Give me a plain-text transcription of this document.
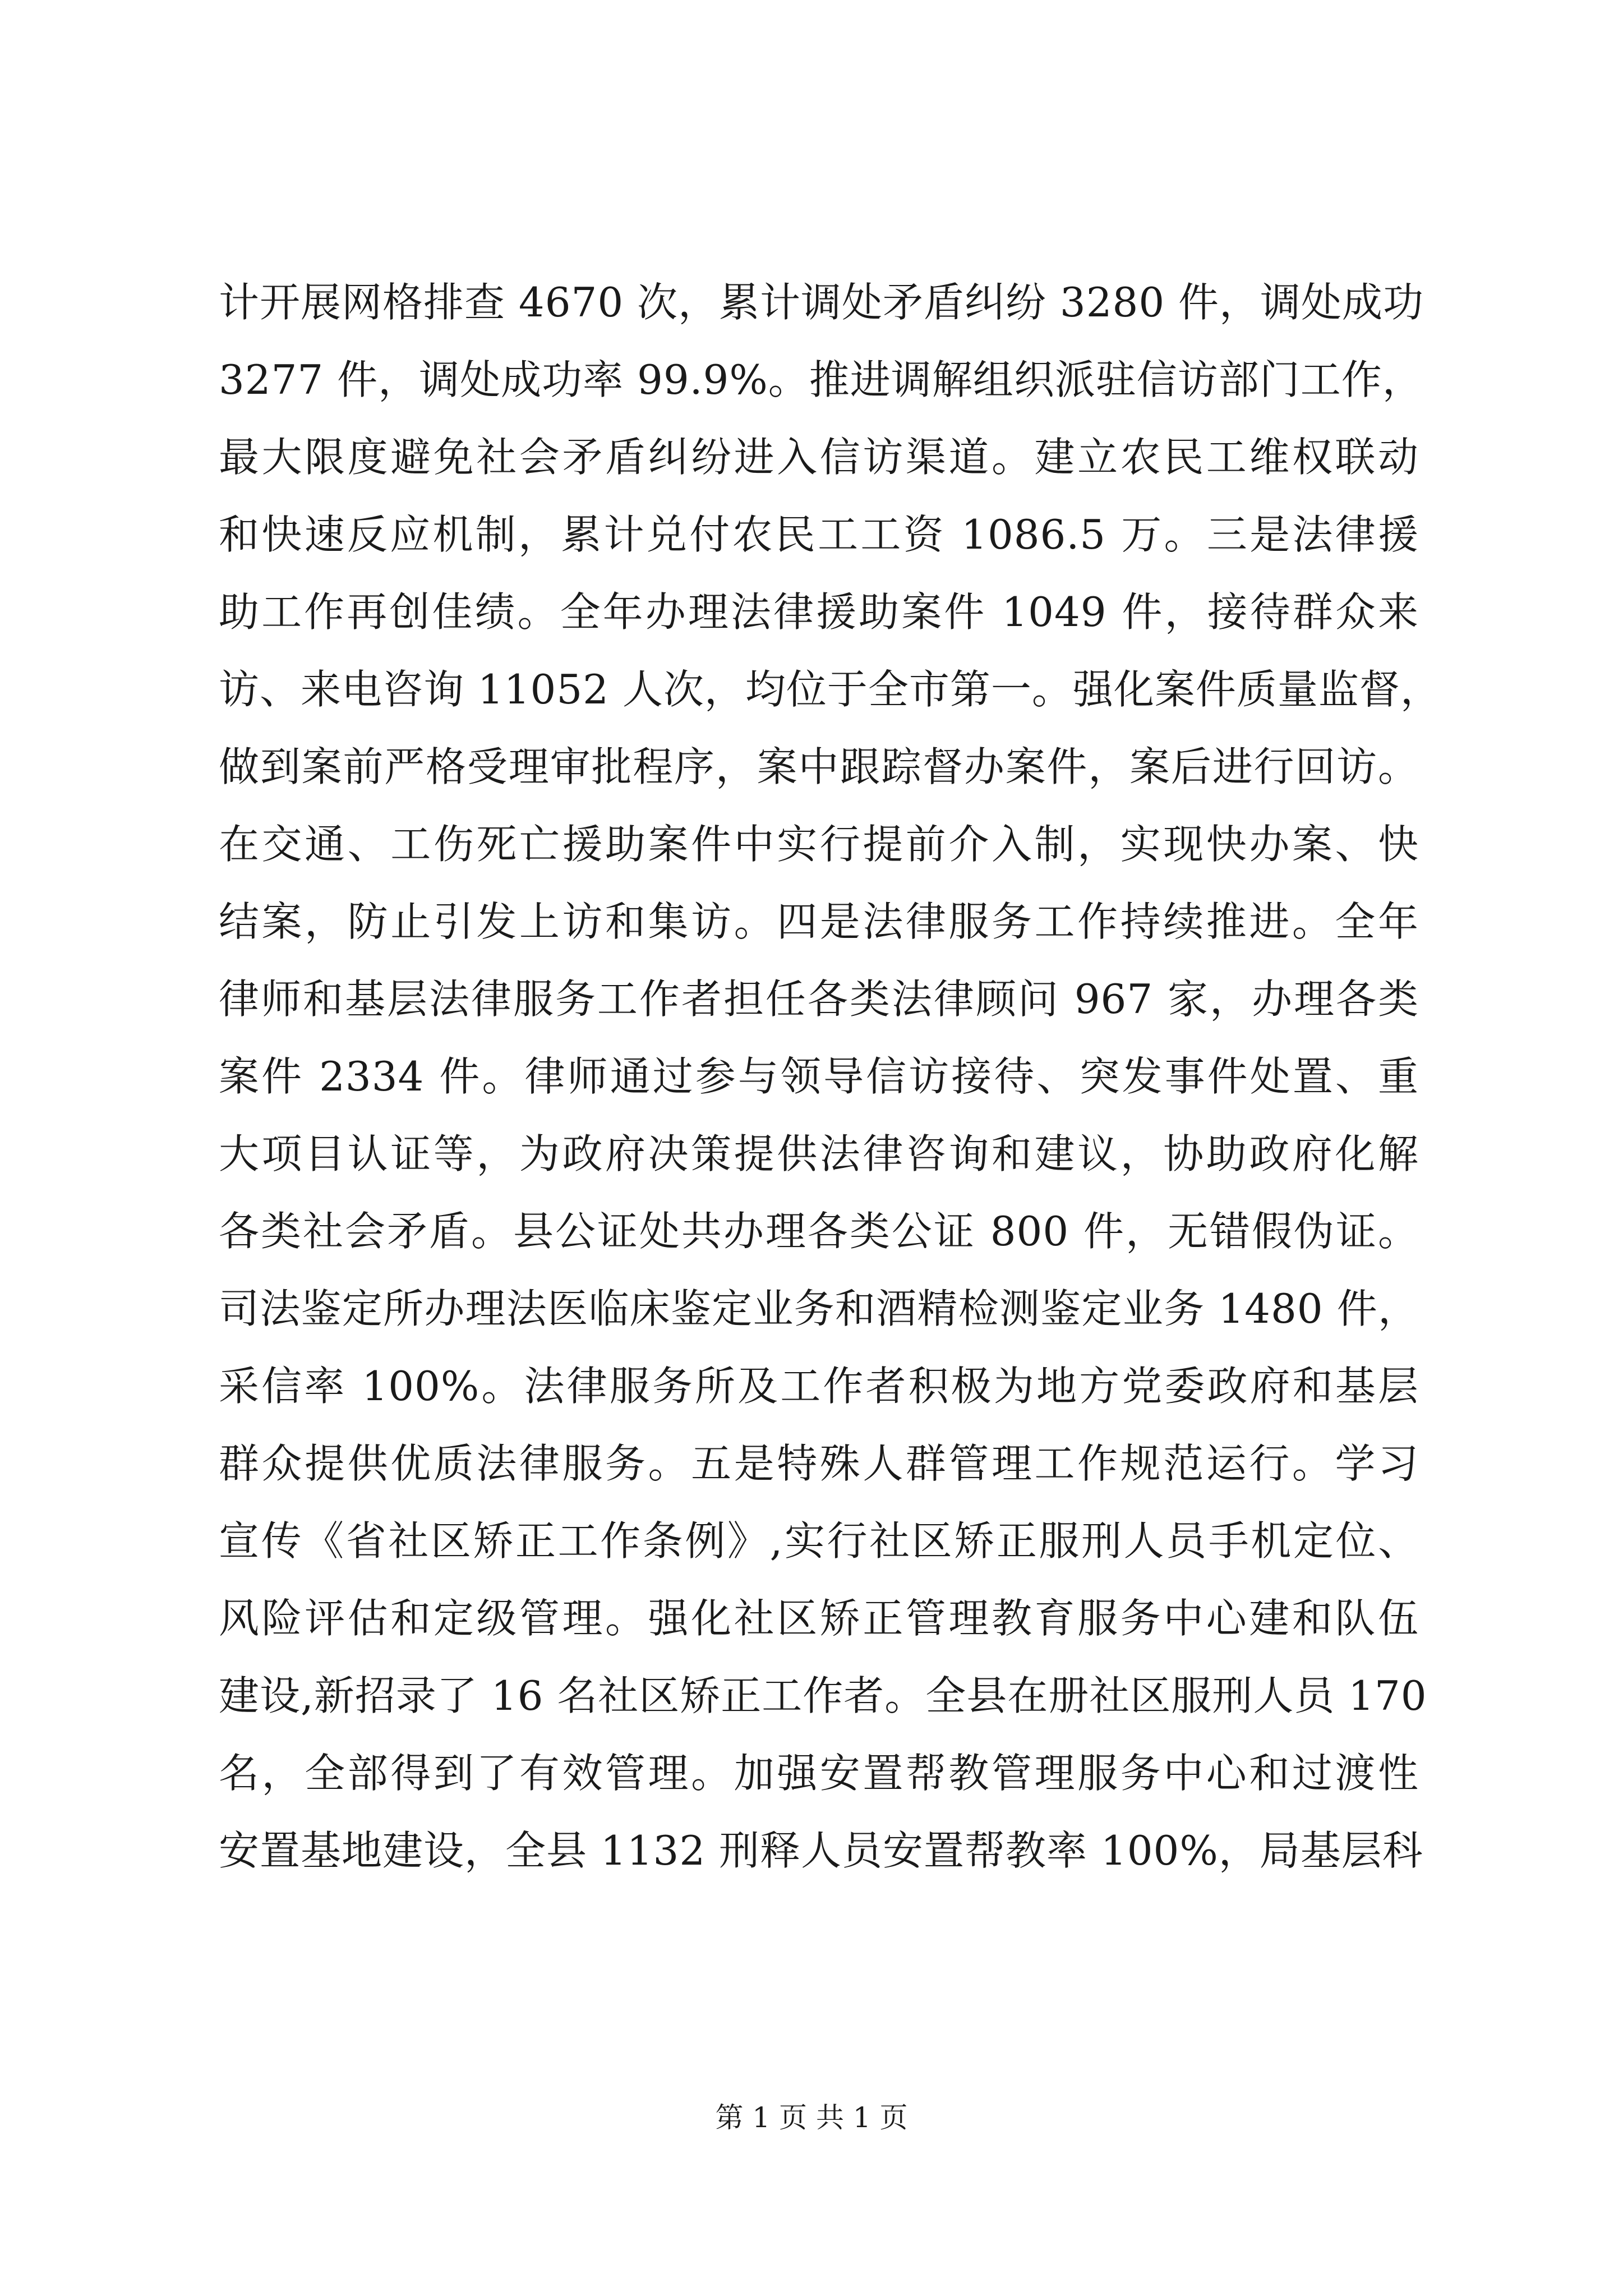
计开展网格排查 4670 次，累计调处矛盾纠纷 3280 件，调处成功
3277 件，调处成功率 99.9%。推进调解组织派驻信访部门工作，
最大限度避免社会矛盾纠纷进入信访渠道。建立农民工维权联动
和快速反应机制，累计兑付农民工工资 1086.5 万。三是法律援
助工作再创佳绩。全年办理法律援助案件 1049 件，接待群众来
访、来电咨询 11052 人次，均位于全市第一。强化案件质量监督，
做到案前严格受理审批程序，案中跟踪督办案件，案后进行回访。
在交通、工伤死亡援助案件中实行提前介入制，实现快办案、快
结案，防止引发上访和集访。四是法律服务工作持续推进。全年
律师和基层法律服务工作者担任各类法律顾问 967 家，办理各类
案件 2334 件。律师通过参与领导信访接待、突发事件处置、重
大项目认证等，为政府决策提供法律咨询和建议，协助政府化解
各类社会矛盾。县公证处共办理各类公证 800 件，无错假伪证。
司法鉴定所办理法医临床鉴定业务和酒精检测鉴定业务 1480 件，
采信率 100%。法律服务所及工作者积极为地方党委政府和基层
群众提供优质法律服务。五是特殊人群管理工作规范运行。学习
宣传《省社区矫正工作条例》,实行社区矫正服刑人员手机定位、
风险评估和定级管理。强化社区矫正管理教育服务中心建和队伍
建设,新招录了 16 名社区矫正工作者。全县在册社区服刑人员 170
名，全部得到了有效管理。加强安置帮教管理服务中心和过渡性
安置基地建设，全县 1132 刑释人员安置帮教率 100%，局基层科
第 1 页 共 1 页
